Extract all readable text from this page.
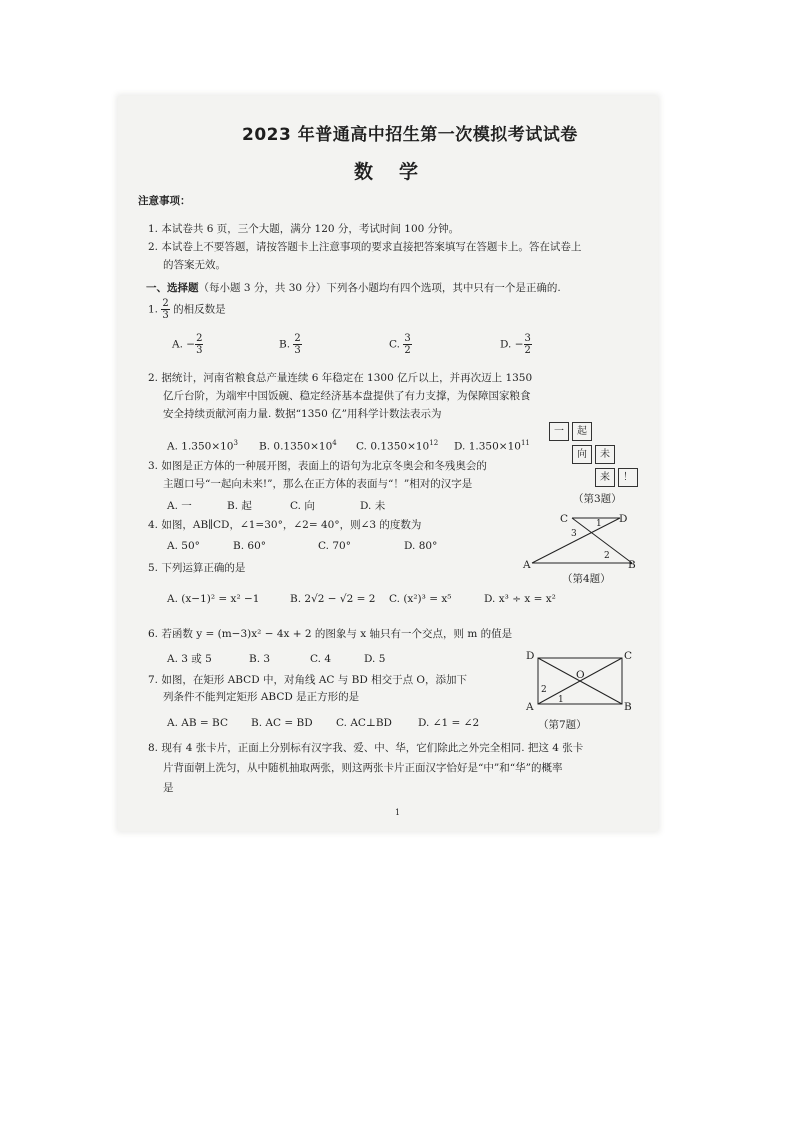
2023 年普通高中招生第一次模拟考试试卷
数学
注意事项：
1. 本试卷共 6 页，三个大题，满分 120 分，考试时间 100 分钟。
2. 本试卷上不要答题，请按答题卡上注意事项的要求直接把答案填写在答题卡上。答在试卷上
的答案无效。
一、选择题（每小题 3 分，共 30 分）下列各小题均有四个选项，其中只有一个是正确的.
1. $\frac{2}{3}$ 的相反数是
A. − $\frac{2}{3}$	B. $\frac{2}{3}$	C. $\frac{3}{2}$	D. − $\frac{3}{2}$
2. 据统计，河南省粮食总产量连续 6 年稳定在 1300 亿斤以上，并再次迈上 1350
亿斤台阶，为端牢中国饭碗、稳定经济基本盘提供了有力支撑，为保障国家粮食
安全持续贡献河南力量. 数据“1350 亿”用科学计数法表示为
A. $1.350\times 10^3$ B. $0.1350\times 10^4$ C. $0.1350\times 10^{12}$ D. $1.350\times 10^{11}$
一	起
向	未
来	！
（第3题）
3. 如图是正方体的一种展开图，表面上的语句为北京冬奥会和冬残奥会的
主题口号“一起向未来!”，那么在正方体的表面与“！”相对的汉字是
A. 一	B. 起	C. 向	D. 未
4. 如图，AB∥CD，∠1=30°，∠2= 40°，则∠3 的度数为
A. 50°	B. 60°	C. 70°	D. 80°
C	D
A	B
1
3
2
（第4题）
5. 下列运算正确的是
A. (x−1)² = x² −1	B. 2√2 − √2 = 2 C. (x²)³ = x⁵	D. x³ ÷ x = x²
6. 若函数 y = (m−3)x² − 4x + 2 的图象与 x 轴只有一个交点，则 m 的值是
A. 3 或 5	B. 3	C. 4	D. 5
7. 如图，在矩形 ABCD 中，对角线 AC 与 BD 相交于点 O，添加下
列条件不能判定矩形 ABCD 是正方形的是
A. AB = BC B. AC = BD C. AC⊥BD D. ∠1 = ∠2
D	C
O
A	B
2
1
（第7题）
8. 现有 4 张卡片，正面上分别标有汉字我、爱、中、华，它们除此之外完全相同. 把这 4 张卡
片背面朝上洗匀，从中随机抽取两张，则这两张卡片正面汉字恰好是“中”和“华”的概率
是
1
